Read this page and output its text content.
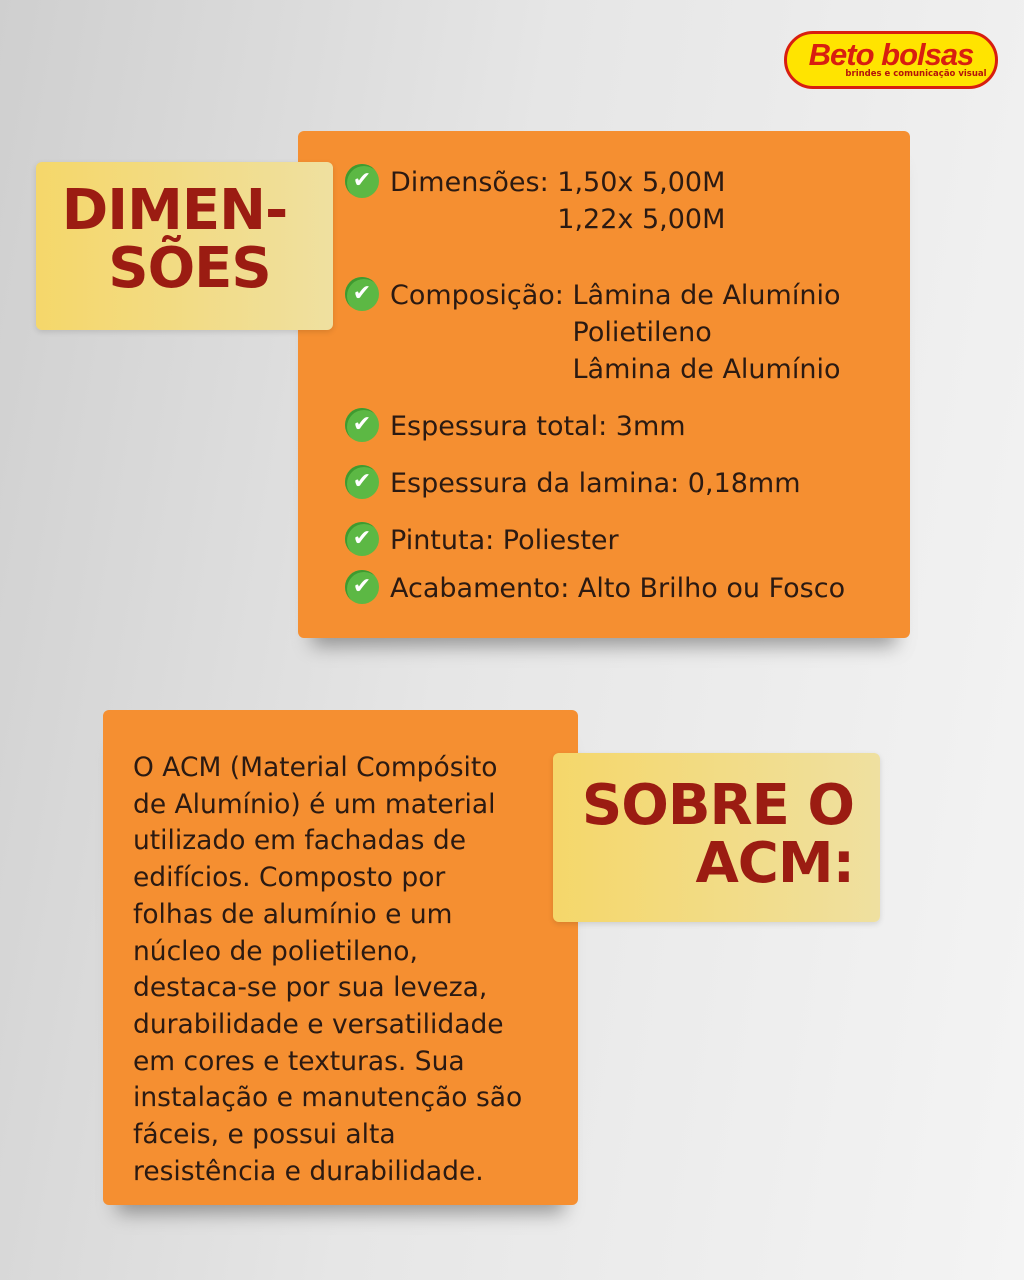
Beto bolsas
brindes e comunicação visual
DIMEN-
SÕES
✔ Dimensões: 1,50x 5,00M
1,22x 5,00M
✔ Composição: Lâmina de Alumínio
Polietileno
Lâmina de Alumínio
✔ Espessura total: 3mm
✔ Espessura da lamina: 0,18mm
✔ Pintuta: Poliester
✔ Acabamento: Alto Brilho ou Fosco
SOBRE O
ACM:
O ACM (Material Compósito
de Alumínio) é um material
utilizado em fachadas de
edifícios. Composto por
folhas de alumínio e um
núcleo de polietileno,
destaca-se por sua leveza,
durabilidade e versatilidade
em cores e texturas. Sua
instalação e manutenção são
fáceis, e possui alta
resistência e durabilidade.
